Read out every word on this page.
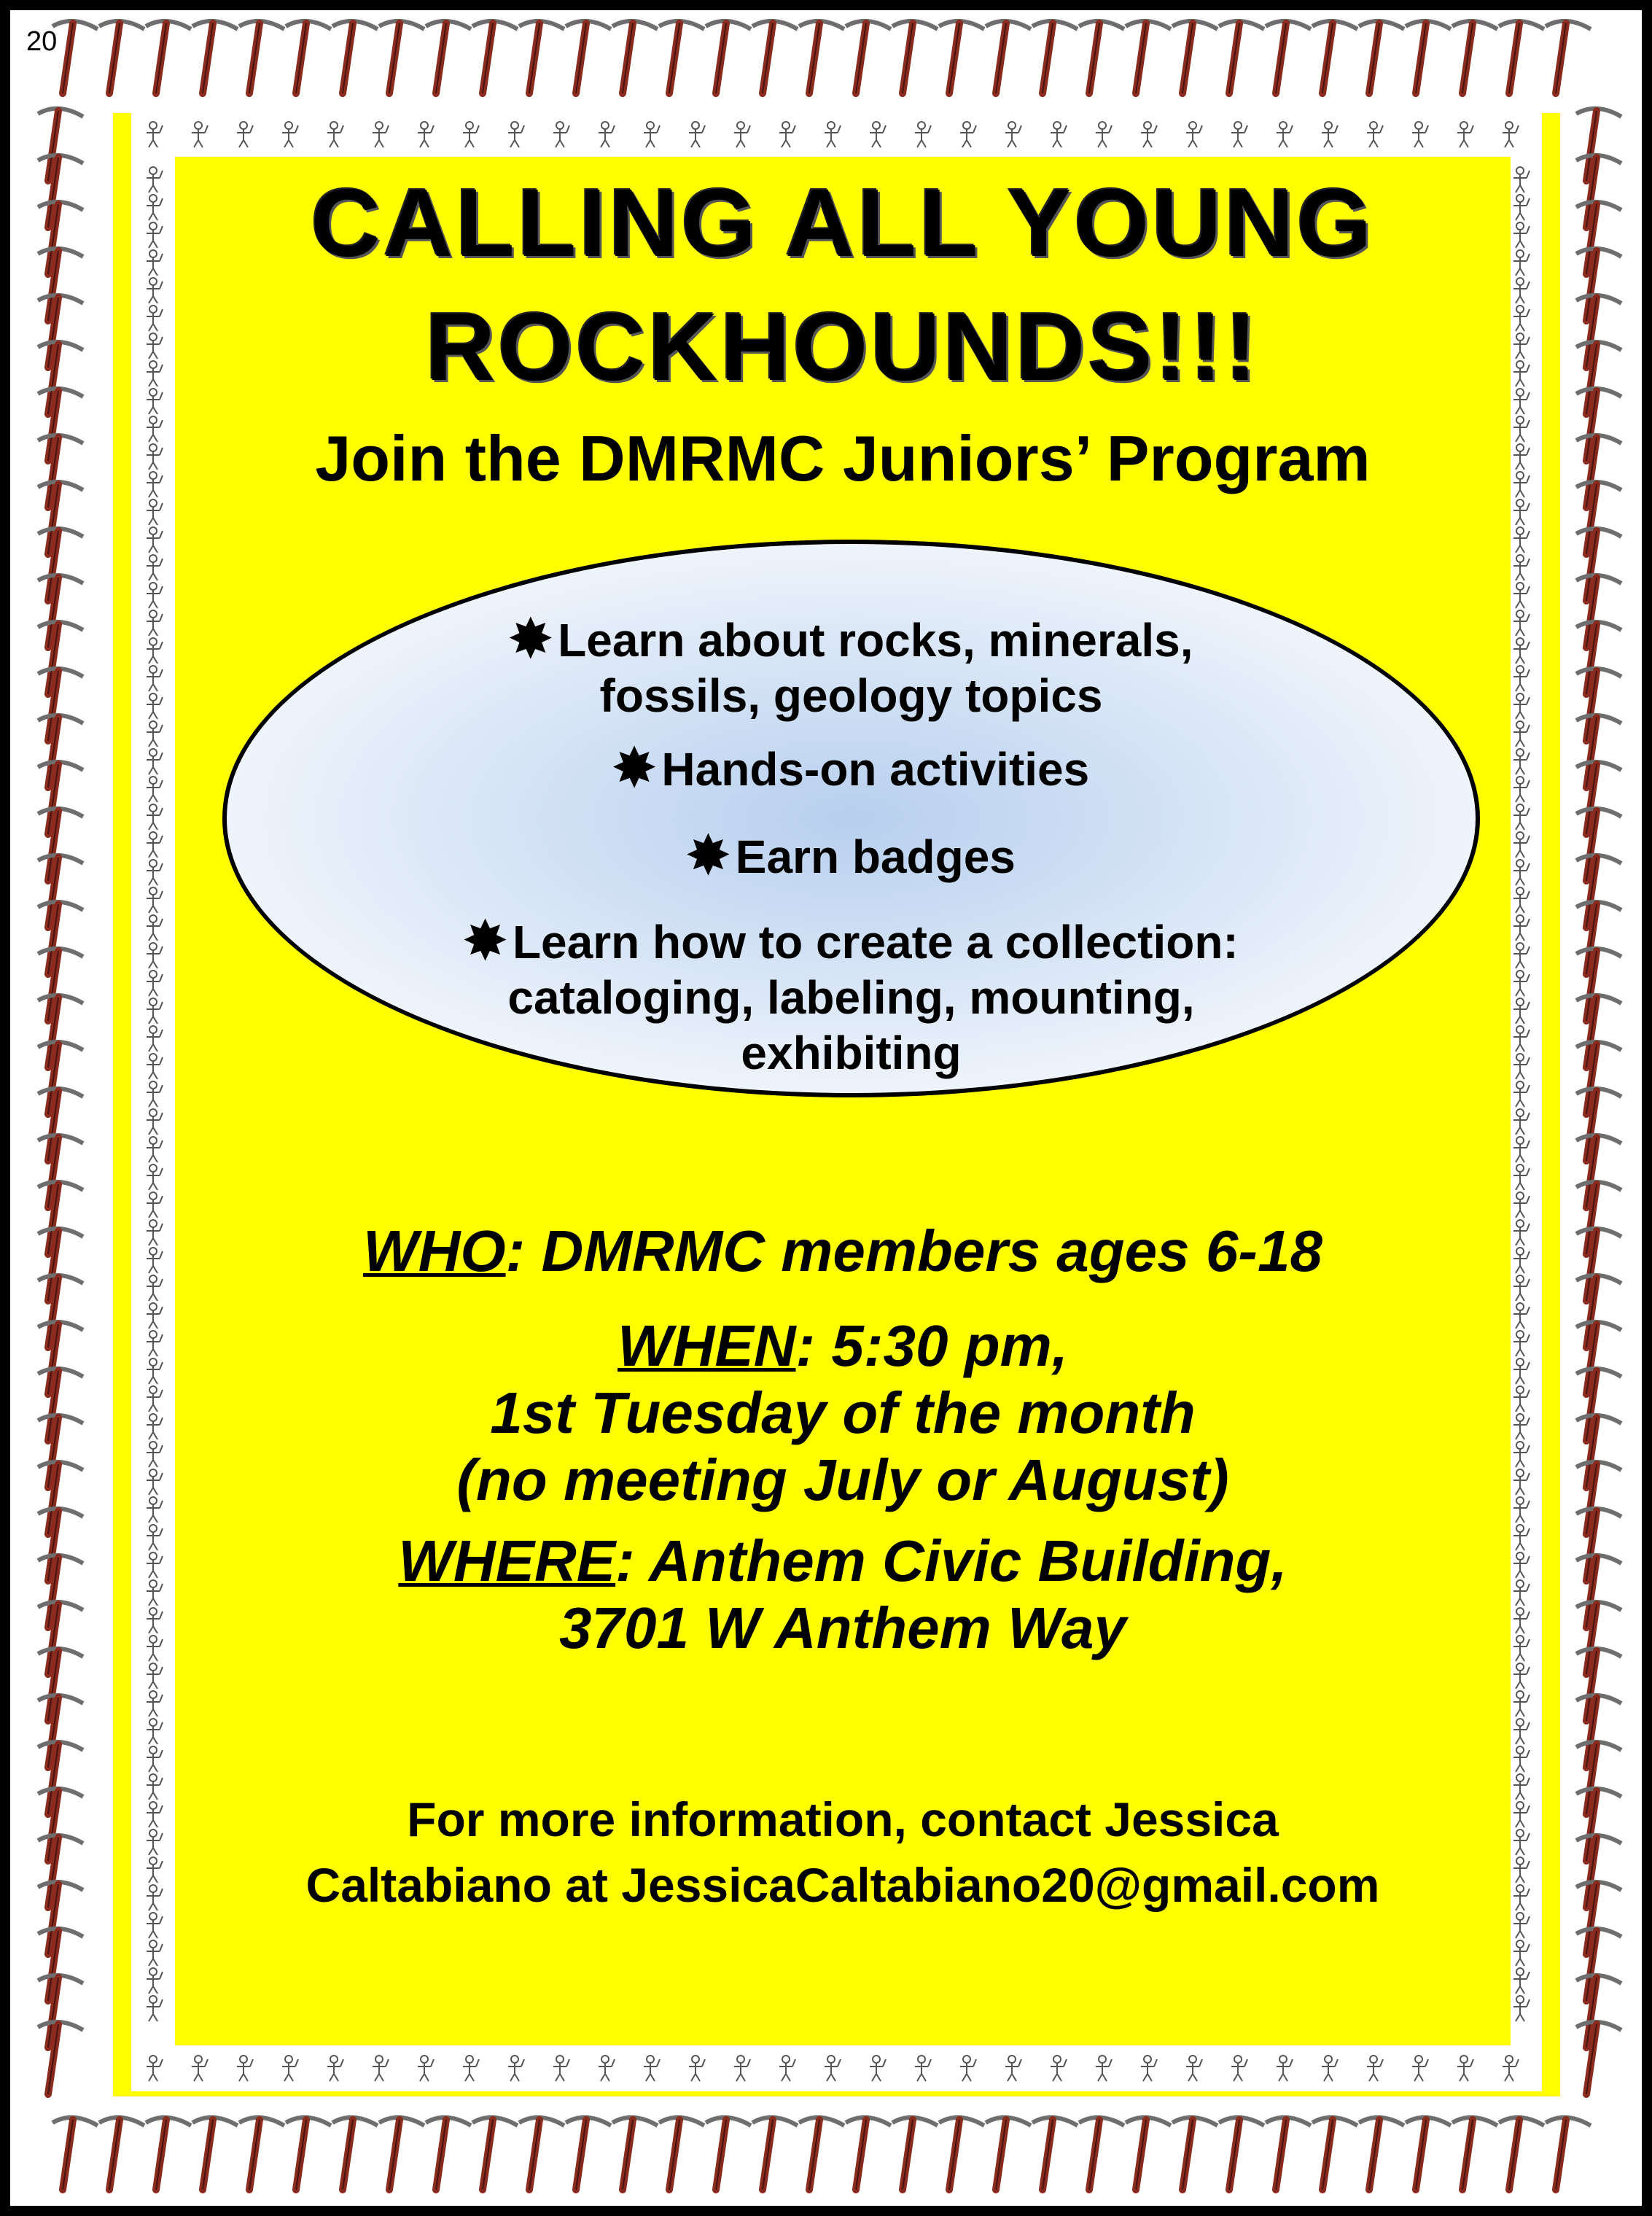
20
CALLING ALL YOUNG
ROCKHOUNDS!!!
Join the DMRMC Juniors’ Program
✸ Learn about rocks, minerals,
fossils, geology topics
✸ Hands-on activities
✸ Earn badges
✸ Learn how to create a collection:
cataloging, labeling, mounting,
exhibiting
WHO: DMRMC members ages 6-18
WHEN: 5:30 pm,
1st Tuesday of the month
(no meeting July or August)
WHERE: Anthem Civic Building,
3701 W Anthem Way
For more information, contact Jessica
Caltabiano at JessicaCaltabiano20@gmail.com
